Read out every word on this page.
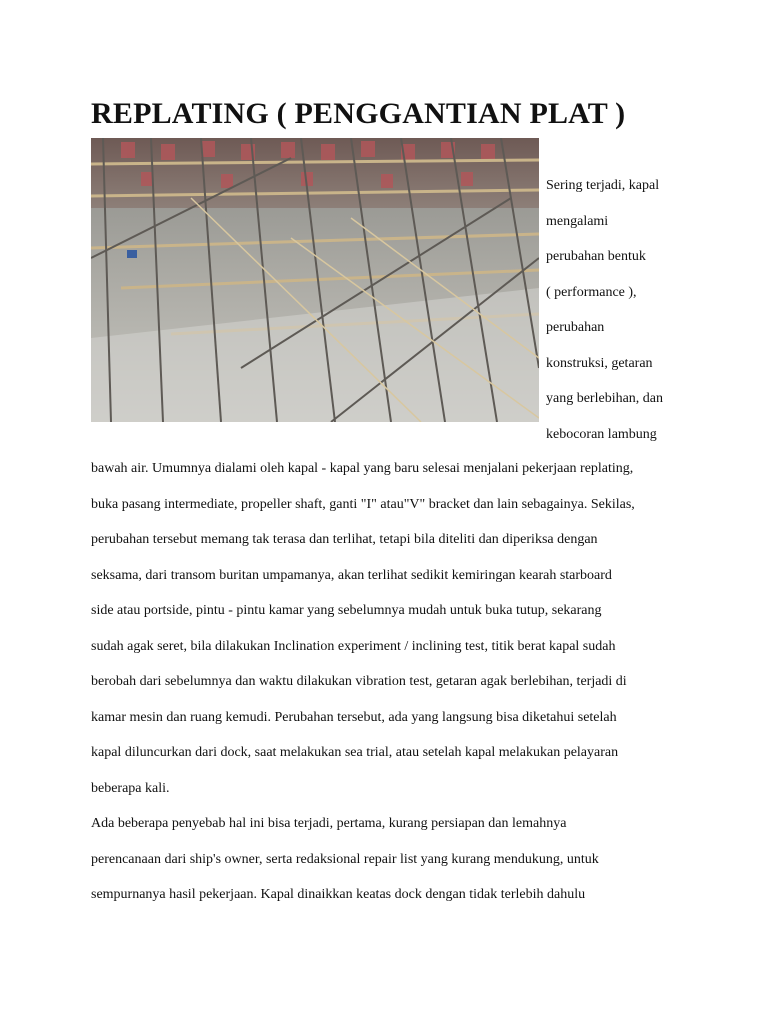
REPLATING ( PENGGANTIAN PLAT )
Sering terjadi, kapal
mengalami
perubahan bentuk
( performance ),
perubahan
konstruksi, getaran
yang berlebihan, dan
kebocoran lambung
bawah air. Umumnya dialami oleh kapal - kapal yang baru selesai menjalani pekerjaan replating,
buka pasang intermediate, propeller shaft, ganti "I" atau"V" bracket dan lain sebagainya. Sekilas,
perubahan tersebut memang tak terasa dan terlihat, tetapi bila diteliti dan diperiksa dengan
seksama, dari transom buritan umpamanya, akan terlihat sedikit kemiringan kearah starboard
side atau portside, pintu - pintu kamar yang sebelumnya mudah untuk buka tutup, sekarang
sudah agak seret, bila dilakukan Inclination experiment / inclining test, titik berat kapal sudah
berobah dari sebelumnya dan waktu dilakukan vibration test, getaran agak berlebihan, terjadi di
kamar mesin dan ruang kemudi. Perubahan tersebut, ada yang langsung bisa diketahui setelah
kapal diluncurkan dari dock, saat melakukan sea trial, atau setelah kapal melakukan pelayaran
beberapa kali.
Ada beberapa penyebab hal ini bisa terjadi, pertama, kurang persiapan dan lemahnya
perencanaan dari ship's owner, serta redaksional repair list yang kurang mendukung, untuk
sempurnanya hasil pekerjaan. Kapal dinaikkan keatas dock dengan tidak terlebih dahulu
